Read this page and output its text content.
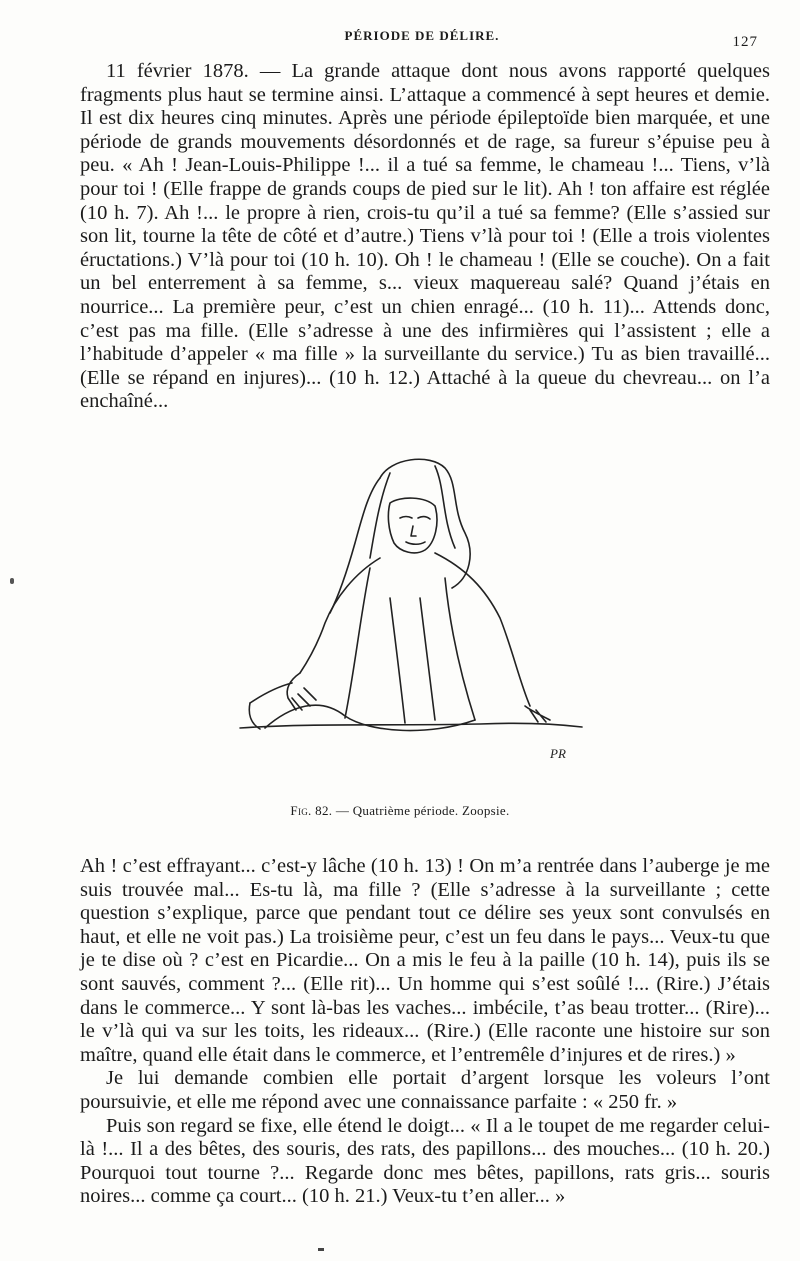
PÉRIODE DE DÉLIRE.	127

11 février 1878. — La grande attaque dont nous avons rapporté quelques fragments plus haut se termine ainsi. L’attaque a commencé à sept heures et demie. Il est dix heures cinq minutes. Après une période épileptoïde bien marquée, et une période de grands mouvements désordonnés et de rage, sa fureur s’épuise peu à peu. « Ah ! Jean-Louis-Philippe !... il a tué sa femme, le chameau !... Tiens, v’là pour toi ! (Elle frappe de grands coups de pied sur le lit). Ah ! ton affaire est réglée (10 h. 7). Ah !... le propre à rien, crois-tu qu’il a tué sa femme? (Elle s’assied sur son lit, tourne la tête de côté et d’autre.) Tiens v’là pour toi ! (Elle a trois violentes éructations.) V’là pour toi (10 h. 10). Oh ! le chameau ! (Elle se couche). On a fait un bel enterrement à sa femme, s... vieux maquereau salé? Quand j’étais en nourrice... La première peur, c’est un chien enragé... (10 h. 11)... Attends donc, c’est pas ma fille. (Elle s’adresse à une des infirmières qui l’assistent ; elle a l’habitude d’appeler « ma fille » la surveillante du service.) Tu as bien travaillé... (Elle se répand en injures)... (10 h. 12.) Attaché à la queue du chevreau... on l’a enchaîné...

PR
Fig. 82. — Quatrième période. Zoopsie.

Ah ! c’est effrayant... c’est-y lâche (10 h. 13) ! On m’a rentrée dans l’auberge je me suis trouvée mal... Es-tu là, ma fille ? (Elle s’adresse à la surveillante ; cette question s’explique, parce que pendant tout ce délire ses yeux sont convulsés en haut, et elle ne voit pas.) La troisième peur, c’est un feu dans le pays... Veux-tu que je te dise où ? c’est en Picardie... On a mis le feu à la paille (10 h. 14), puis ils se sont sauvés, comment ?... (Elle rit)... Un homme qui s’est soûlé !... (Rire.) J’étais dans le commerce... Y sont là-bas les vaches... imbécile, t’as beau trotter... (Rire)... le v’là qui va sur les toits, les rideaux... (Rire.) (Elle raconte une histoire sur son maître, quand elle était dans le commerce, et l’entremêle d’injures et de rires.) »

Je lui demande combien elle portait d’argent lorsque les voleurs l’ont poursuivie, et elle me répond avec une connaissance parfaite : « 250 fr. »

Puis son regard se fixe, elle étend le doigt... « Il a le toupet de me regarder celui-là !... Il a des bêtes, des souris, des rats, des papillons... des mouches... (10 h. 20.) Pourquoi tout tourne ?... Regarde donc mes bêtes, papillons, rats gris... souris noires... comme ça court... (10 h. 21.) Veux-tu t’en aller... »
